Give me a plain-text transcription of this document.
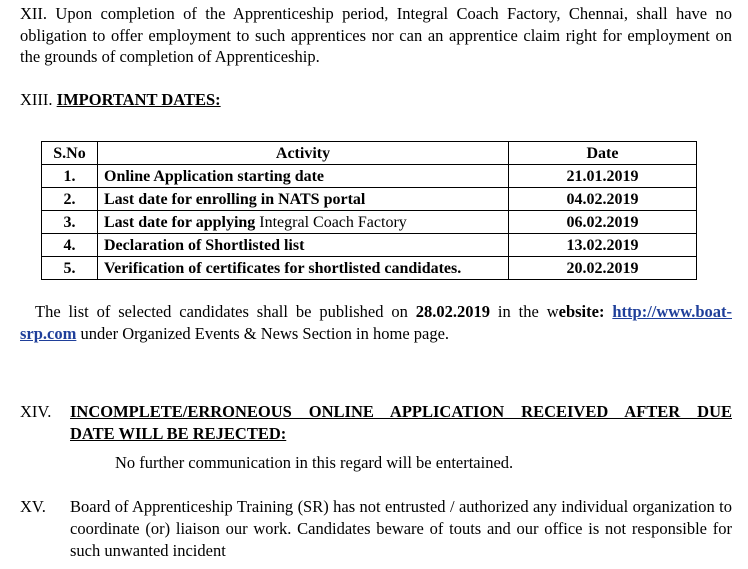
XII. Upon completion of the Apprenticeship period, Integral Coach Factory, Chennai, shall have no obligation to offer employment to such apprentices nor can an apprentice claim right for employment on the grounds of completion of Apprenticeship.
XIII. IMPORTANT DATES:
S.No	Activity	Date
1.	Online Application starting date	21.01.2019
2.	Last date for enrolling in NATS portal	04.02.2019
3.	Last date for applying Integral Coach Factory	06.02.2019
4.	Declaration of Shortlisted list	13.02.2019
5.	Verification of certificates for shortlisted candidates.	20.02.2019
The list of selected candidates shall be published on 28.02.2019 in the website: http://www.boat-srp.com under Organized Events & News Section in home page.
XIV. INCOMPLETE/ERRONEOUS ONLINE APPLICATION RECEIVED AFTER DUE
DATE WILL BE REJECTED:
No further communication in this regard will be entertained.
XV. Board of Apprenticeship Training (SR) has not entrusted / authorized any individual organization to coordinate (or) liaison our work. Candidates beware of touts and our office is not responsible for such unwanted incident
